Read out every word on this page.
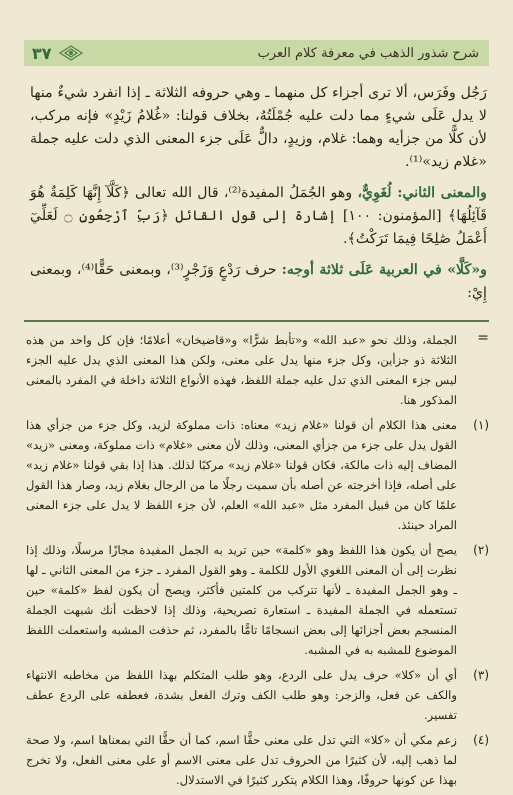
٣٧	شرح شذور الذهب في معرفة كلام العرب

رَجُل وفَرَس، ألا ترى أجزاء كل منهما ـ وهي حروفه الثلاثة ـ إذا انفرد شيءٌ منها لا يدل عَلَى شيءٍ مما دلت عليه جُمْلَتُهُ، بخلاف قولنا: «غُلامُ زَيْدٍ» فإنه مركب، لأن كلًّا من جزأيه وهما: غلام، وزيدٍ، دالٌّ عَلَى جزء المعنى الذي دلت عليه جملة «غلام زيد»⁽¹⁾.

والمعنى الثاني: لُغَوِيٌّ، وهو الجُمَلُ المفيدة⁽²⁾، قال الله تعالى ﴿كَلَّآ إِنَّهَا كَلِمَةٌ هُوَ قَآئِلُهَا﴾ [المؤمنون: ١٠٠] إشارة إلى قول القائل ﴿رَبِّ ٱرْجِعُونِ ۝ لَعَلِّيٓ أَعْمَلُ صَٰلِحًا فِيمَا تَرَكْتُ﴾.

و«كَلَّا» في العربية عَلَى ثلاثة أوجه: حرف رَدْعٍ وَزَجْرٍ⁽³⁾، وبمعنى حَقًّا⁽⁴⁾، وبمعنى إِيْ:

=
الجملة، وذلك نحو «عبد الله» و«تأبط شرًّا» و«قاضيخان» أعلامًا؛ فإن كل واحد من هذه الثلاثة ذو جزأين، وكل جزء منها يدل على معنى، ولكن هذا المعنى الذي يدل عليه الجزء ليس جزء المعنى الذي تدل عليه جملة اللفظ، فهذه الأنواع الثلاثة داخلة في المفرد بالمعنى المذكور هنا.
(١)
معنى هذا الكلام أن قولنا «غلام زيد» معناه: ذات مملوكة لزيد، وكل جزء من جزأي هذا القول يدل على جزء من جزأي المعنى، وذلك لأن معنى «غلام» ذات مملوكة، ومعنى «زيد» المضاف إليه ذات مالكة، فكان قولنا «غلام زيد» مركبًا لذلك. هذا إذا بقي قولنا «غلام زيد» على أصله، فإذا أخرجته عن أصله بأن سميت رجلًا ما من الرجال بغلام زيد، وصار هذا القول علمًا كان من قبيل المفرد مثل «عبد الله» العلم، لأن جزء اللفظ لا يدل على جزء المعنى المراد حينئذ.
(٢)
يصح أن يكون هذا اللفظ وهو «كلمة» حين تريد به الجمل المفيدة مجازًا مرسلًا، وذلك إذا نظرت إلى أن المعنى اللغوي الأول للكلمة ـ وهو القول المفرد ـ جزء من المعنى الثاني ـ لها ـ وهو الجمل المفيدة ـ لأنها تتركب من كلمتين فأكثر، ويصح أن يكون لفظ «كلمة» حين تستعمله في الجملة المفيدة ـ استعارة تصريحية، وذلك إذا لاحظت أنك شبهت الجملة المنسجم بعض أجزائها إلى بعض انسجامًا تامًّا بالمفرد، ثم حذفت المشبه واستعملت اللفظ الموضوع للمشبه به في المشبه.
(٣)
أي أن «كلا» حرف يدل على الردع، وهو طلب المتكلم بهذا اللفظ من مخاطبه الانتهاء والكف عن فعل، والزجر: وهو طلب الكف وترك الفعل بشدة، فعطفه على الردع عطف تفسير.
(٤)
زعم مكي أن «كلا» التي تدل على معنى حقًّا اسم، كما أن حقًّا التي بمعناها اسم، ولا صحة لما ذهب إليه، لأن كثيرًا من الحروف تدل على معنى الاسم أو على معنى الفعل، ولا تخرج بهذا عن كونها حروفًا، وهذا الكلام يتكرر كثيرًا في الاستدلال.
